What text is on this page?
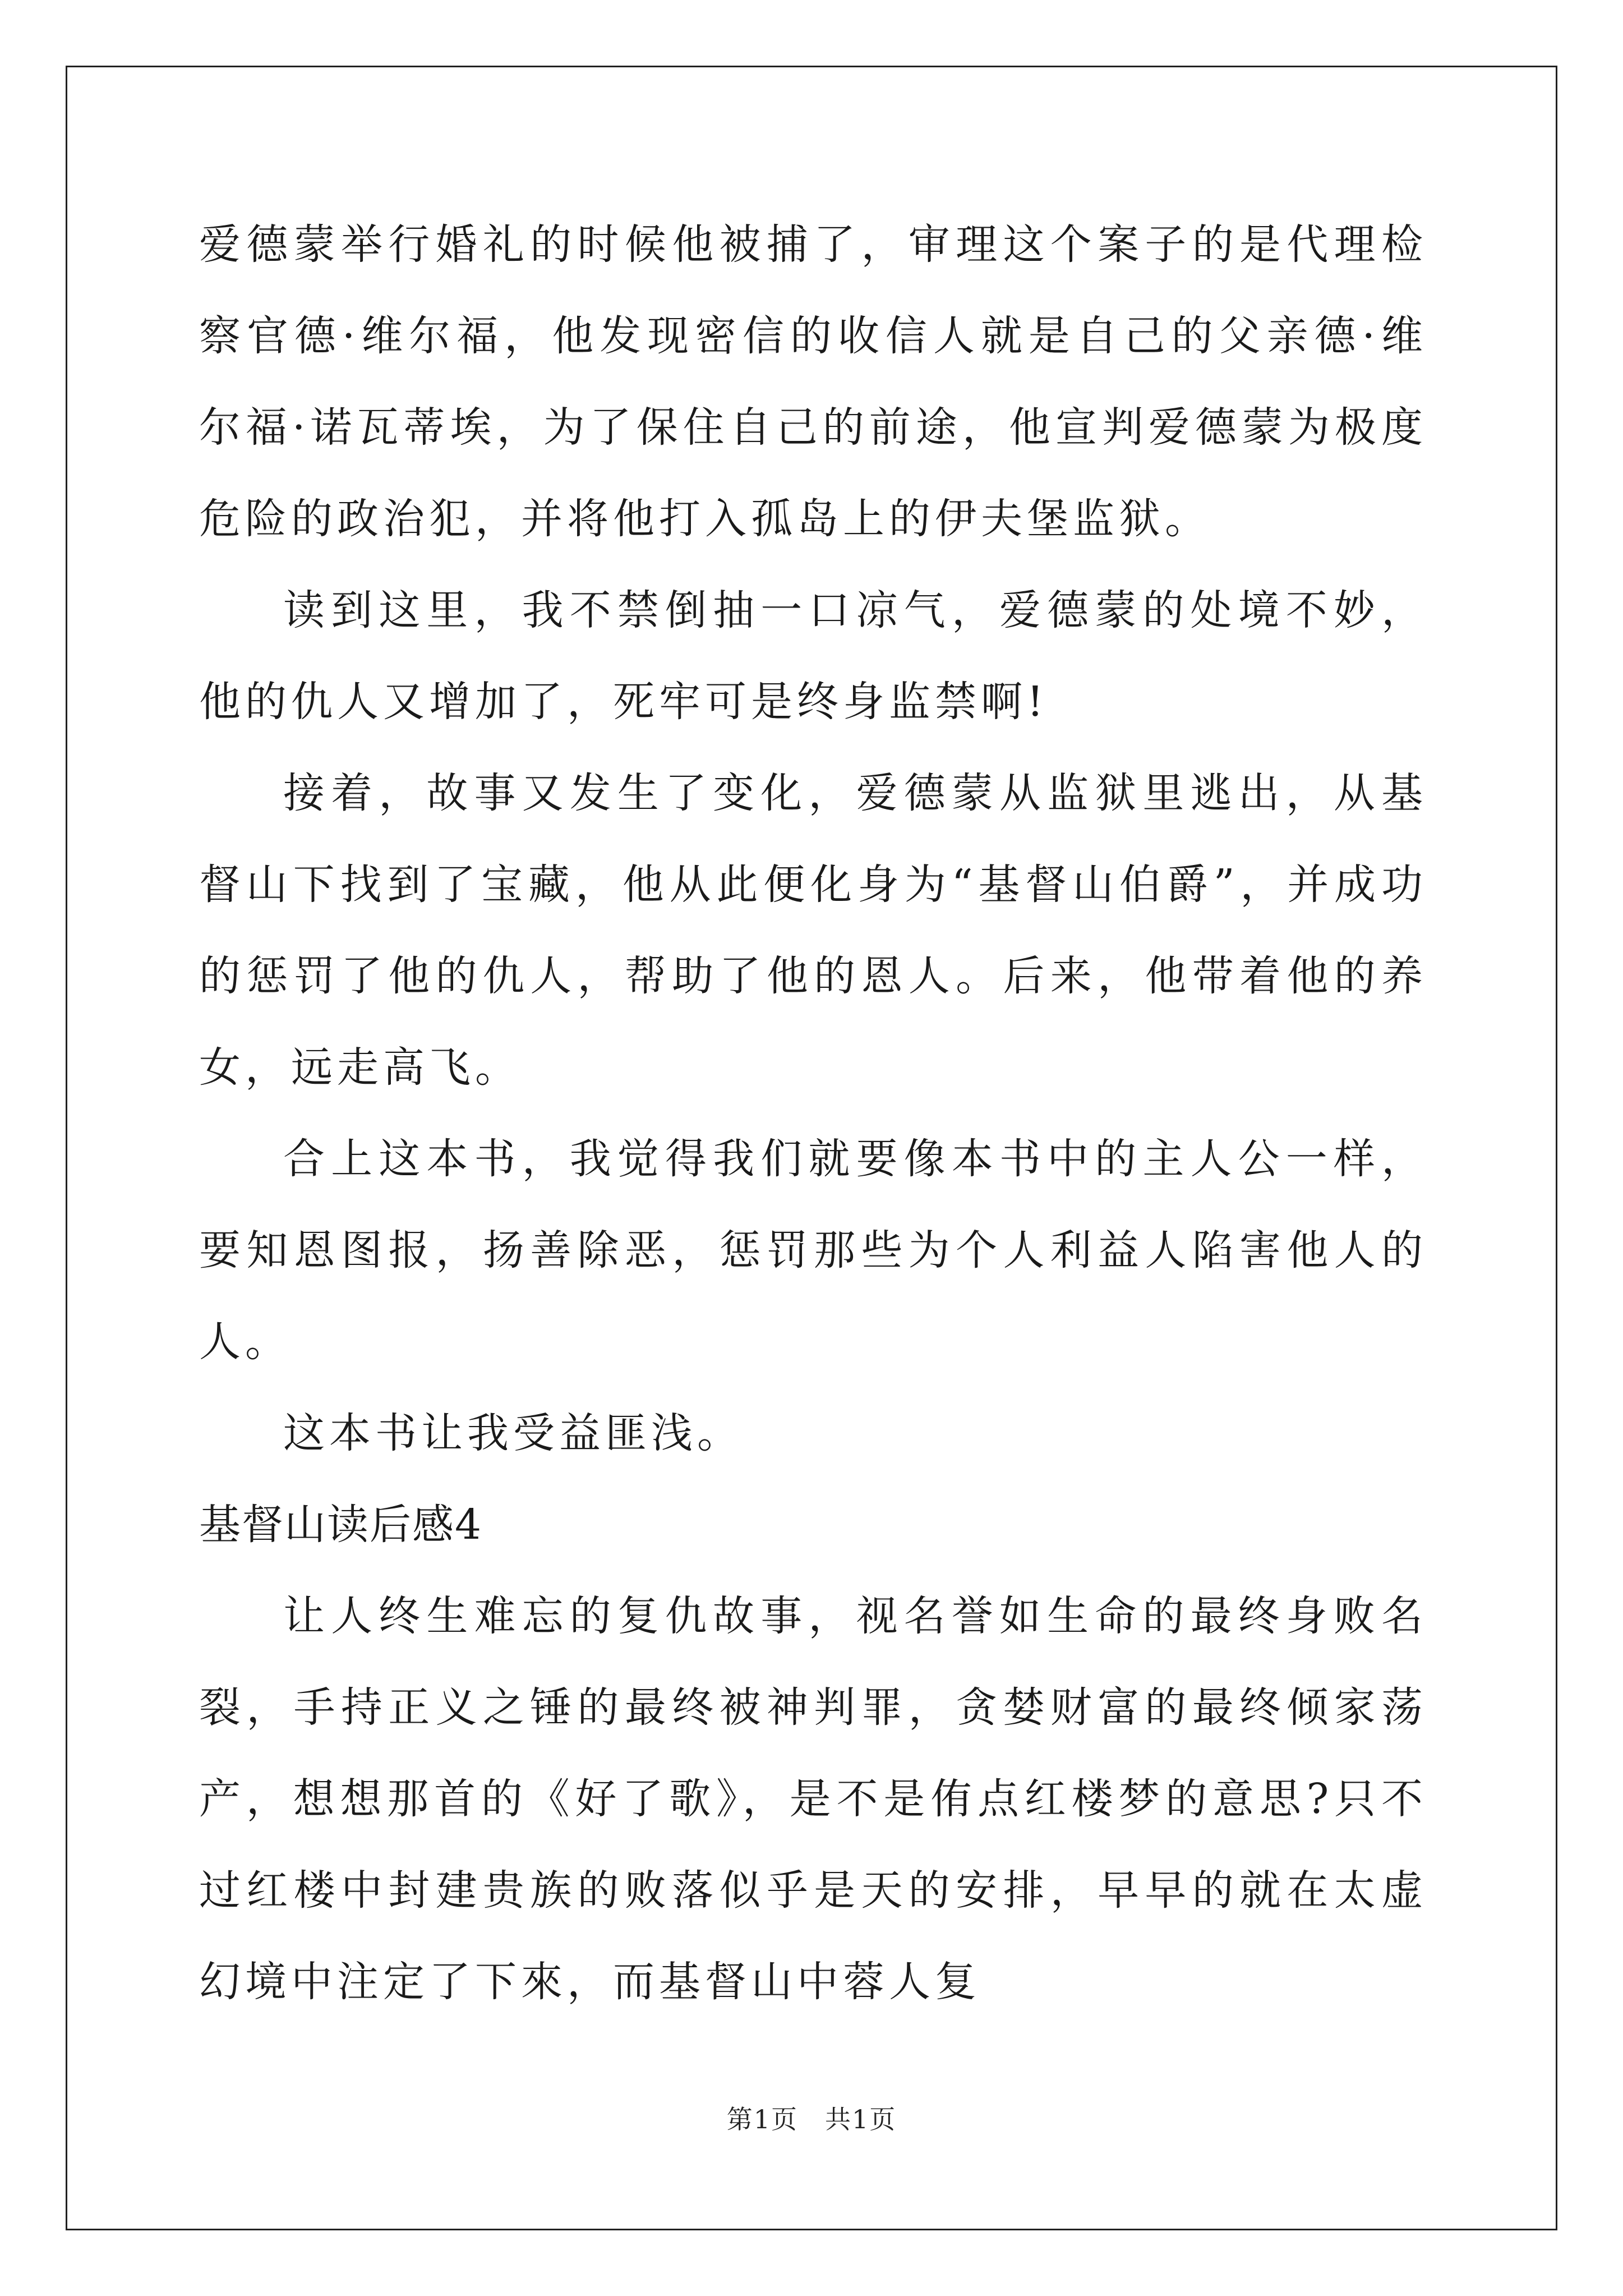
爱德蒙举行婚礼的时候他被捕了，审理这个案子的是代理检察官德·维尔福，他发现密信的收信人就是自己的父亲德·维尔福·诺瓦蒂埃，为了保住自己的前途，他宣判爱德蒙为极度危险的政治犯，并将他打入孤岛上的伊夫堡监狱。

读到这里，我不禁倒抽一口凉气，爱德蒙的处境不妙，他的仇人又增加了，死牢可是终身监禁啊!

接着，故事又发生了变化，爱德蒙从监狱里逃出，从基督山下找到了宝藏，他从此便化身为“基督山伯爵”，并成功的惩罚了他的仇人，帮助了他的恩人。后来，他带着他的养女，远走高飞。

合上这本书，我觉得我们就要像本书中的主人公一样，要知恩图报，扬善除恶，惩罚那些为个人利益人陷害他人的人。

这本书让我受益匪浅。

基督山读后感4

让人终生难忘的复仇故事，视名誉如生命的最终身败名裂，手持正义之锤的最终被神判罪，贪婪财富的最终倾家荡产，想想那首的《好了歌》，是不是侑点红楼梦的意思?只不过红楼中封建贵族的败落似乎是天的安排，早早的就在太虚幻境中注定了下來，而基督山中蓉人复

第1页　共1页
